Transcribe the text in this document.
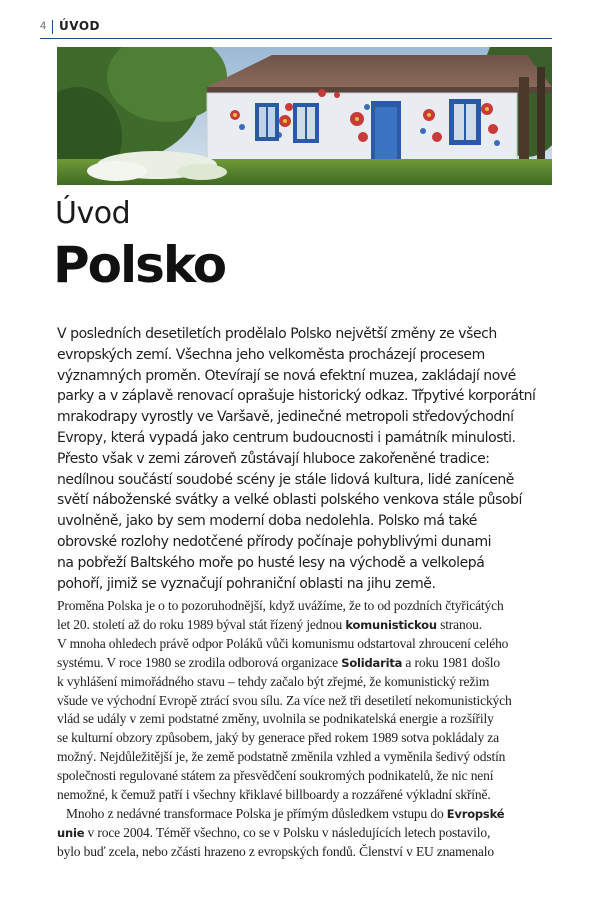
4 ÚVOD
Úvod
Polsko
V posledních desetiletích prodělalo Polsko největší změny ze všech
evropských zemí. Všechna jeho velkoměsta procházejí procesem
významných proměn. Otevírají se nová efektní muzea, zakládají nové
parky a v záplavě renovací oprašuje historický odkaz. Třpytivé korporátní
mrakodrapy vyrostly ve Varšavě, jedinečné metropoli středovýchodní
Evropy, která vypadá jako centrum budoucnosti i památník minulosti.
Přesto však v zemi zároveň zůstávají hluboce zakořeněné tradice:
nedílnou součástí soudobé scény je stále lidová kultura, lidé zaníceně
světí náboženské svátky a velké oblasti polského venkova stále působí
uvolněně, jako by sem moderní doba nedolehla. Polsko má také
obrovské rozlohy nedotčené přírody počínaje pohyblivými dunami
na pobřeží Baltského moře po husté lesy na východě a velkolepá
pohoří, jimiž se vyznačují pohraniční oblasti na jihu země.
Proměna Polska je o to pozoruhodnější, když uvážíme, že to od pozdních čtyřicátých
let 20. století až do roku 1989 býval stát řízený jednou komunistickou stranou.
V mnoha ohledech právě odpor Poláků vůči komunismu odstartoval zhroucení celého
systému. V roce 1980 se zrodila odborová organizace Solidarita a roku 1981 došlo
k vyhlášení mimořádného stavu – tehdy začalo být zřejmé, že komunistický režim
všude ve východní Evropě ztrácí svou sílu. Za více než tři desetiletí nekomunistických
vlád se udály v zemi podstatné změny, uvolnila se podnikatelská energie a rozšířily
se kulturní obzory způsobem, jaký by generace před rokem 1989 sotva pokládaly za
možný. Nejdůležitější je, že země podstatně změnila vzhled a vyměnila šedivý odstín
společnosti regulované státem za přesvědčení soukromých podnikatelů, že nic není
nemožné, k čemuž patří i všechny křiklavé billboardy a rozzářené výkladní skříně.
Mnoho z nedávné transformace Polska je přímým důsledkem vstupu do Evropské
unie v roce 2004. Téměř všechno, co se v Polsku v následujících letech postavilo,
bylo buď zcela, nebo zčásti hrazeno z evropských fondů. Členství v EU znamenalo
